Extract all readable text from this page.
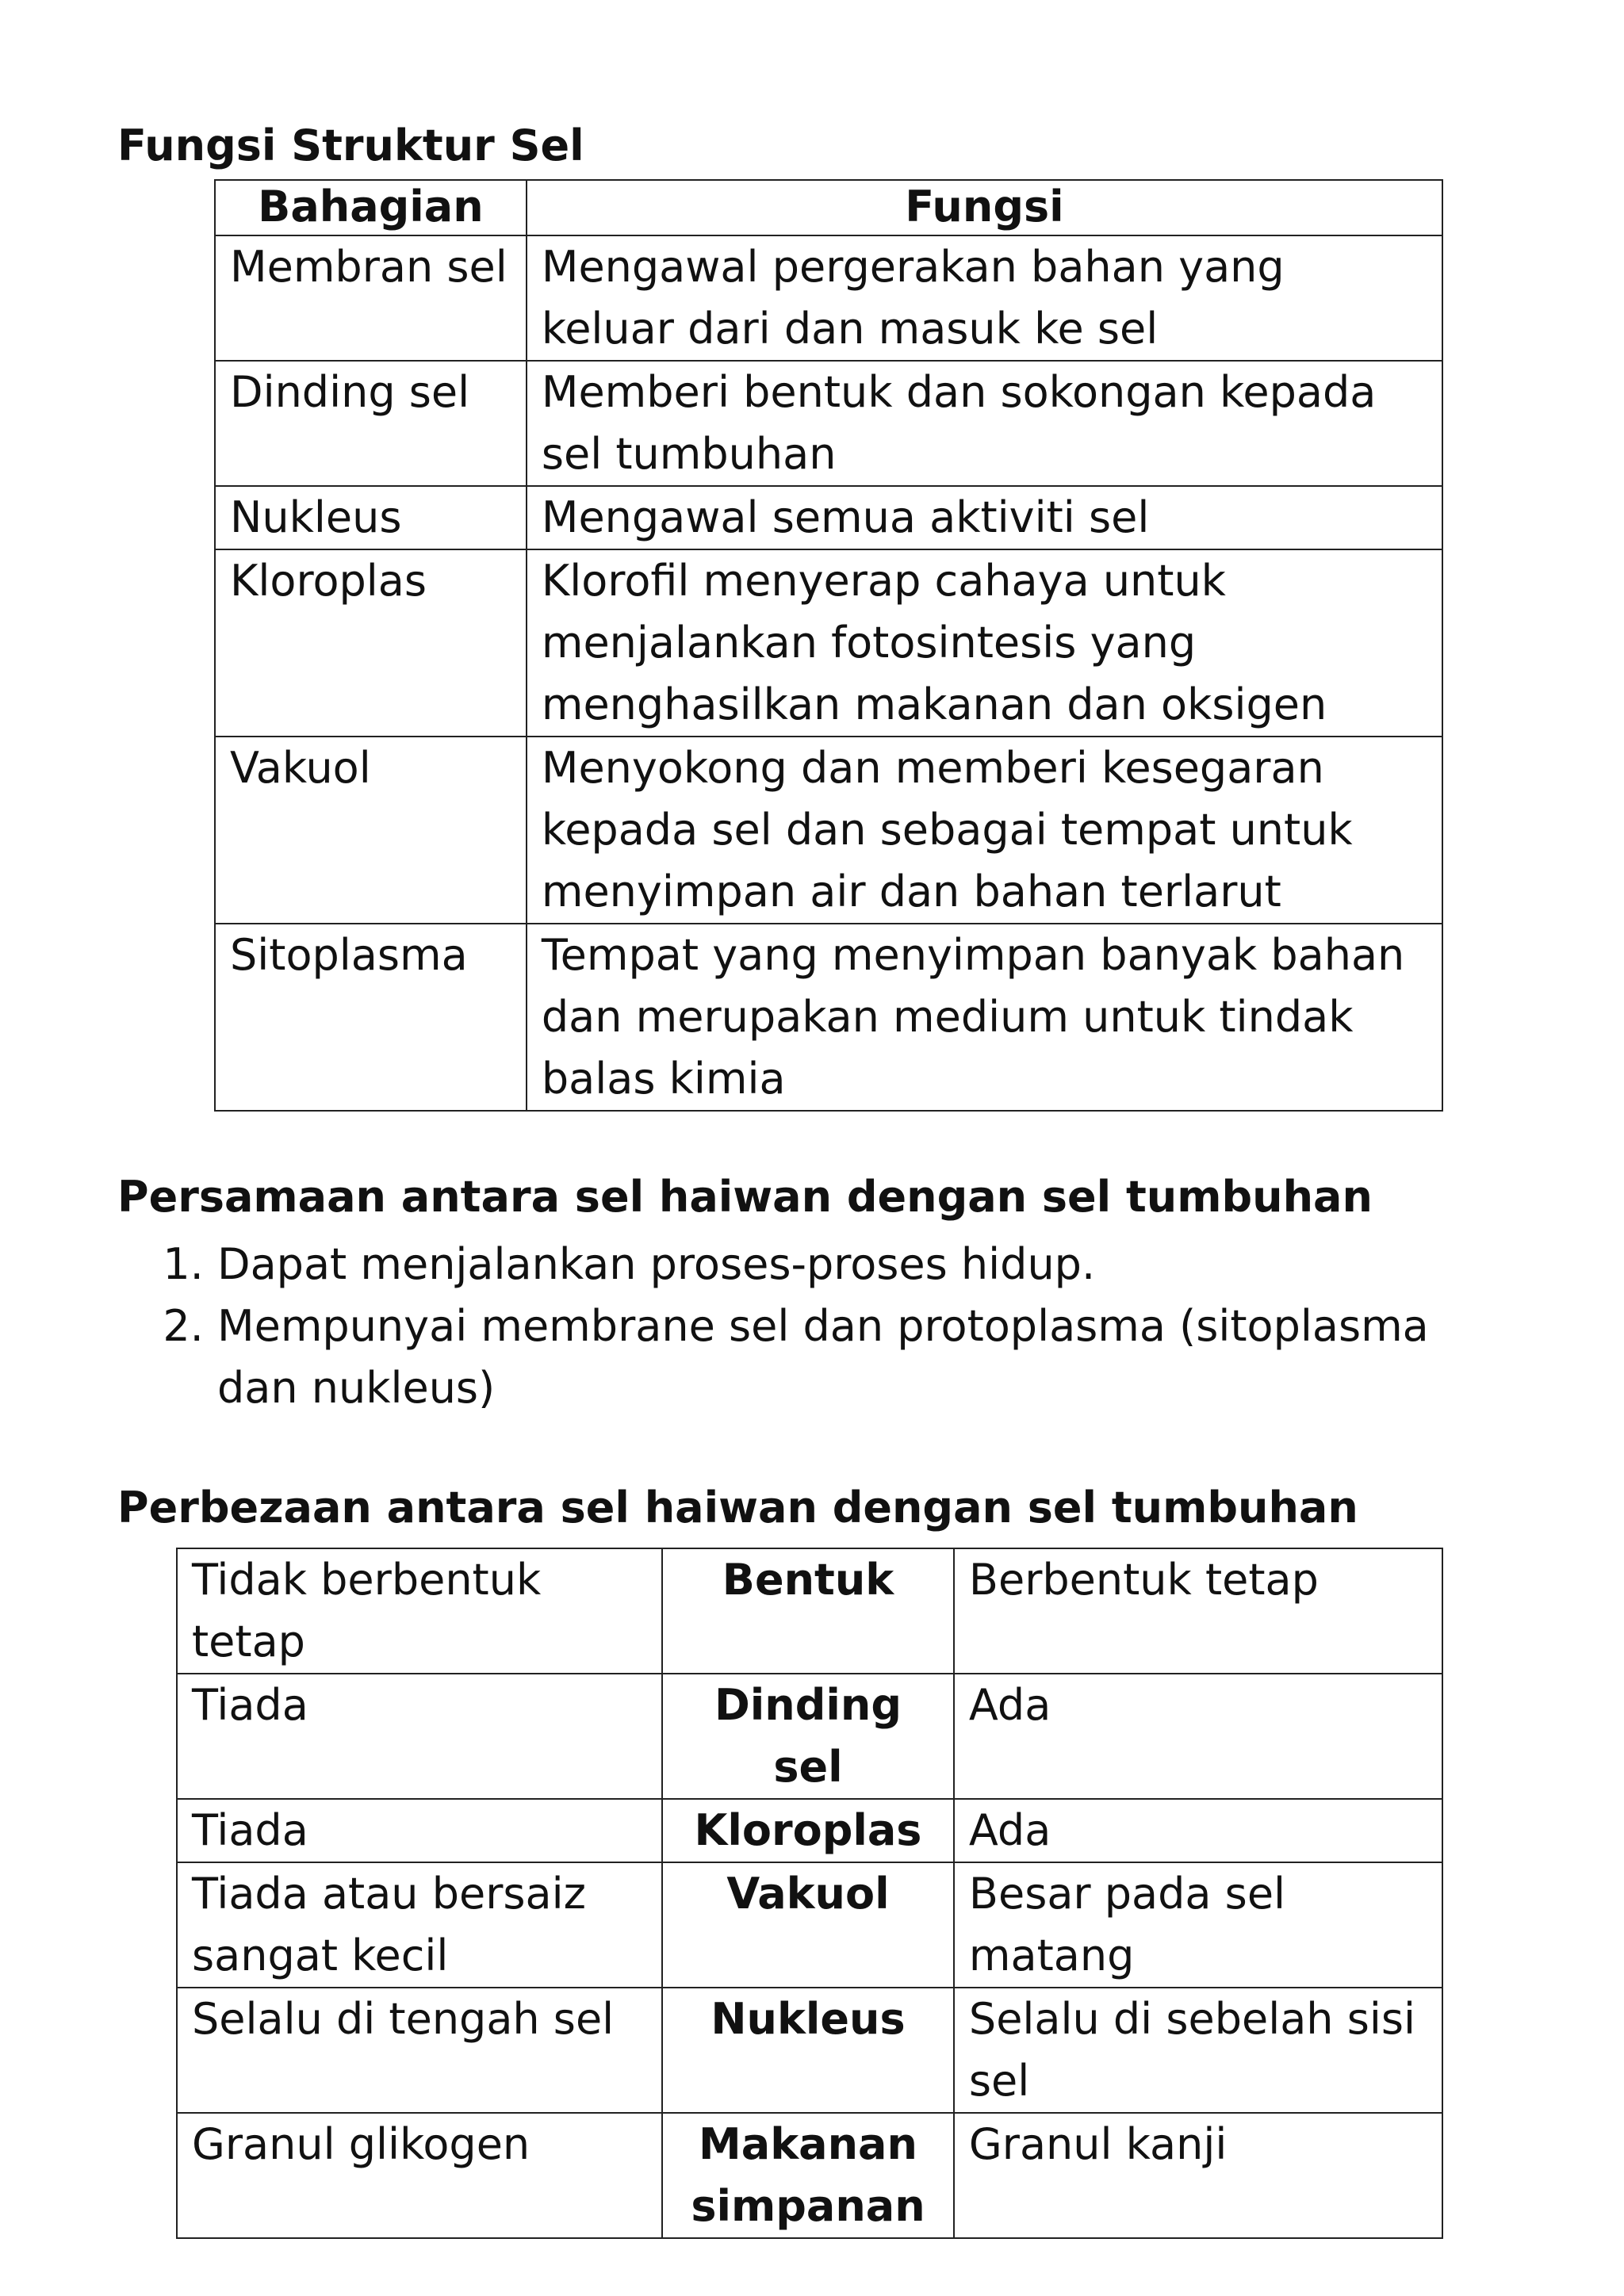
Fungsi Struktur Sel
Bahagian	Fungsi
Membran sel	Mengawal pergerakan bahan yang keluar dari dan masuk ke sel
Dinding sel	Memberi bentuk dan sokongan kepada sel tumbuhan
Nukleus	Mengawal semua aktiviti sel
Kloroplas	Klorofil menyerap cahaya untuk menjalankan fotosintesis yang menghasilkan makanan dan oksigen
Vakuol	Menyokong dan memberi kesegaran kepada sel dan sebagai tempat untuk menyimpan air dan bahan terlarut
Sitoplasma	Tempat yang menyimpan banyak bahan dan merupakan medium untuk tindak balas kimia
Persamaan antara sel haiwan dengan sel tumbuhan
1. Dapat menjalankan proses-proses hidup.
2. Mempunyai membrane sel dan protoplasma (sitoplasma dan nukleus)
Perbezaan antara sel haiwan dengan sel tumbuhan
Tidak berbentuk tetap	Bentuk	Berbentuk tetap
Tiada	Dinding sel	Ada
Tiada	Kloroplas	Ada
Tiada atau bersaiz sangat kecil	Vakuol	Besar pada sel matang
Selalu di tengah sel	Nukleus	Selalu di sebelah sisi sel
Granul glikogen	Makanan simpanan	Granul kanji
